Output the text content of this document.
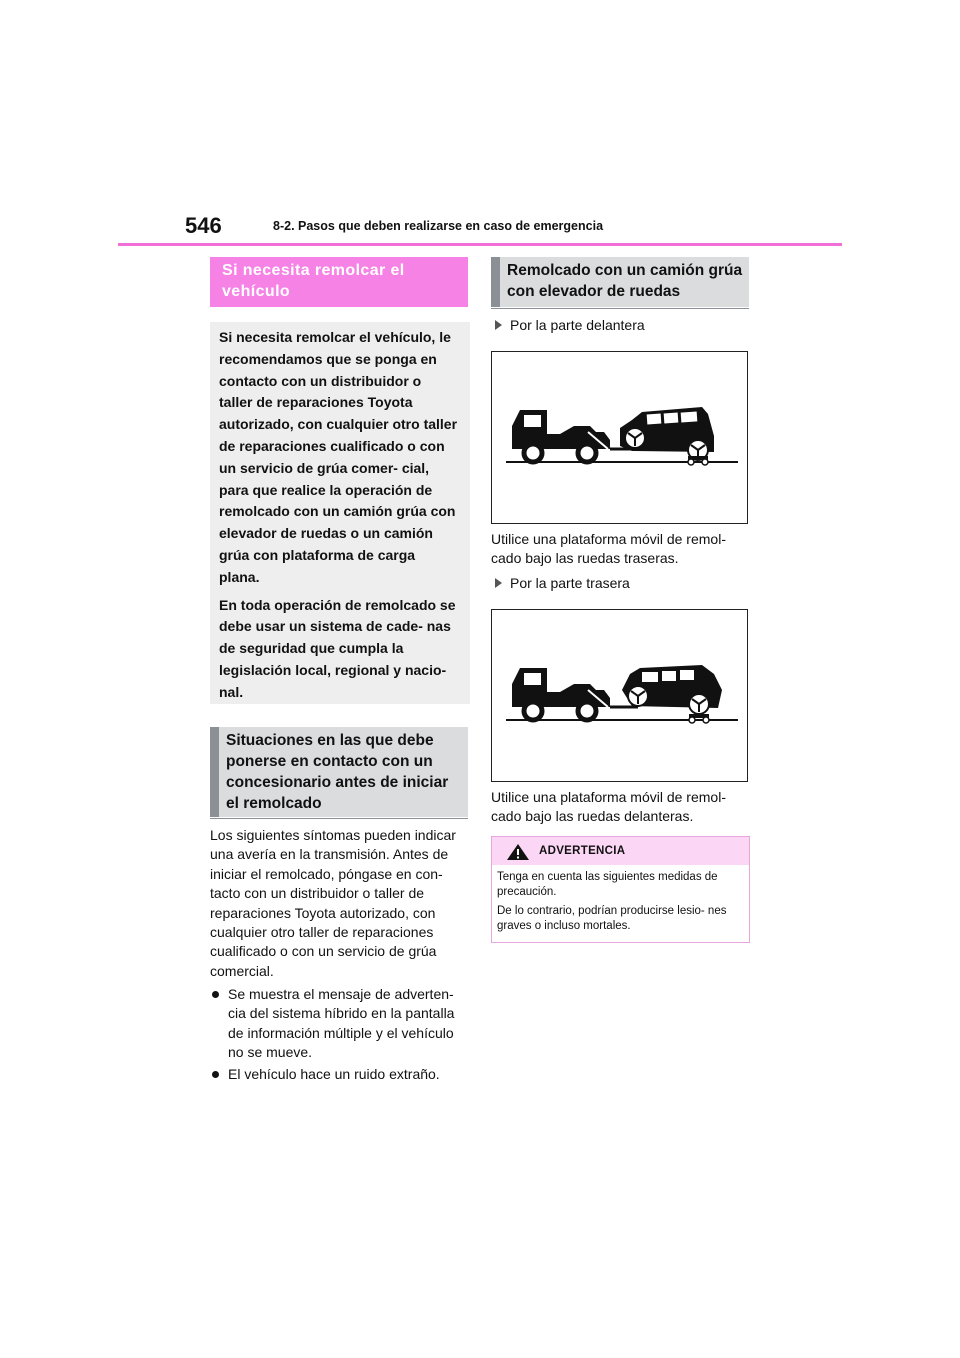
546	8-2. Pasos que deben realizarse en caso de emergencia
Si necesita remolcar el vehículo

Si necesita remolcar el vehículo, le recomendamos que se ponga en contacto con un distribuidor o taller de reparaciones Toyota autorizado, con cualquier otro taller de reparaciones cualificado o con un servicio de grúa comer- cial, para que realice la operación de remolcado con un camión grúa con elevador de ruedas o un camión grúa con plataforma de carga plana.

En toda operación de remolcado se debe usar un sistema de cade- nas de seguridad que cumpla la legislación local, regional y nacio- nal.

Situaciones en las que debe ponerse en contacto con un concesionario antes de iniciar el remolcado
Los siguientes síntomas pueden indicar una avería en la transmisión. Antes de iniciar el remolcado, póngase en con- tacto con un distribuidor o taller de reparaciones Toyota autorizado, con cualquier otro taller de reparaciones cualificado o con un servicio de grúa comercial.
Se muestra el mensaje de adverten- cia del sistema híbrido en la pantalla de información múltiple y el vehículo no se mueve.
El vehículo hace un ruido extraño.
Remolcado con un camión grúa con elevador de ruedas
Por la parte delantera
Utilice una plataforma móvil de remol- cado bajo las ruedas traseras.
Por la parte trasera
Utilice una plataforma móvil de remol- cado bajo las ruedas delanteras.
ADVERTENCIA

Tenga en cuenta las siguientes medidas de precaución.

De lo contrario, podrían producirse lesio- nes graves o incluso mortales.
